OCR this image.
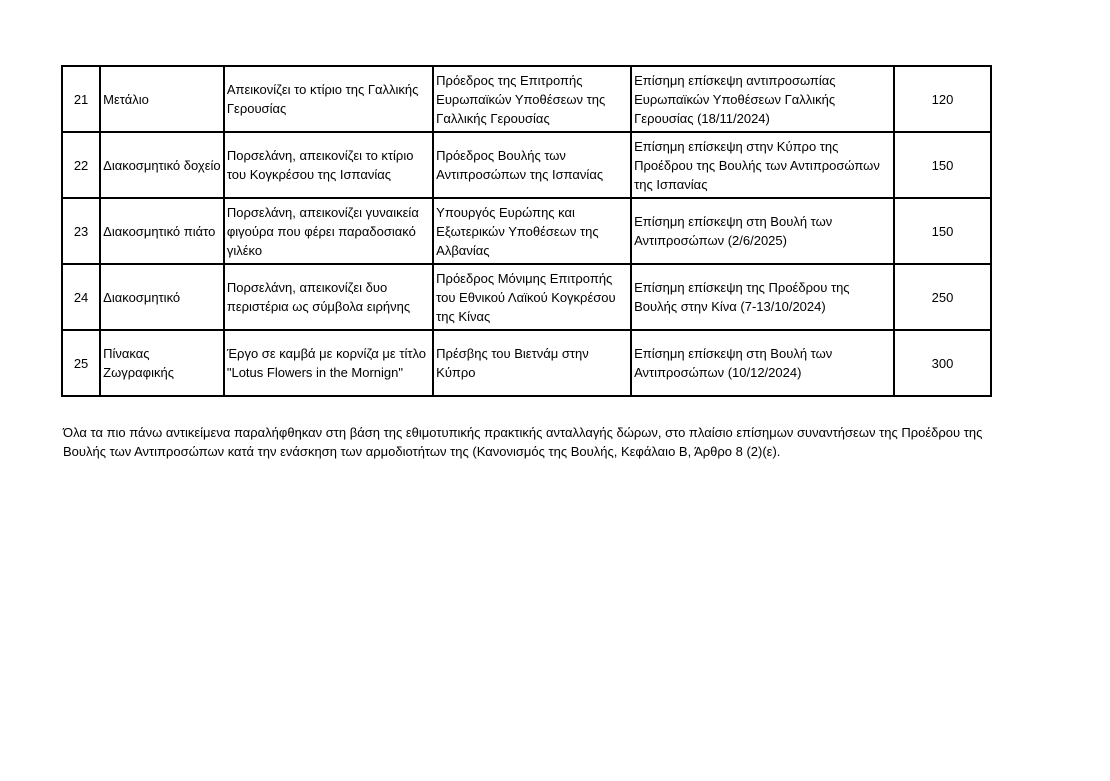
21	Μετάλιο	Απεικονίζει το κτίριο της Γαλλικής Γερουσίας	Πρόεδρος της Επιτροπής Ευρωπαϊκών Υποθέσεων της Γαλλικής Γερουσίας	Επίσημη επίσκεψη αντιπροσωπίας Ευρωπαϊκών Υποθέσεων Γαλλικής Γερουσίας (18/11/2024)	120
22	Διακοσμητικό δοχείο	Πορσελάνη, απεικονίζει το κτίριο του Κογκρέσου της Ισπανίας	Πρόεδρος Βουλής των Αντιπροσώπων της Ισπανίας	Επίσημη επίσκεψη στην Κύπρο της Προέδρου της Βουλής των Αντιπροσώπων της Ισπανίας	150
23	Διακοσμητικό πιάτο	Πορσελάνη, απεικονίζει γυναικεία φιγούρα που φέρει παραδοσιακό γιλέκο	Υπουργός Ευρώπης και Εξωτερικών Υποθέσεων της Αλβανίας	Επίσημη επίσκεψη στη Βουλή των Αντιπροσώπων (2/6/2025)	150
24	Διακοσμητικό	Πορσελάνη, απεικονίζει δυο περιστέρια ως σύμβολα ειρήνης	Πρόεδρος Μόνιμης Επιτροπής του Εθνικού Λαϊκού Κογκρέσου της Κίνας	Επίσημη επίσκεψη της Προέδρου της Βουλής στην Κίνα (7-13/10/2024)	250
25	Πίνακας Ζωγραφικής	Έργο σε καμβά με κορνίζα με τίτλο "Lotus Flowers in the Mornign"	Πρέσβης του Βιετνάμ στην Κύπρο	Επίσημη επίσκεψη στη Βουλή των Αντιπροσώπων (10/12/2024)	300

Όλα τα πιο πάνω αντικείμενα παραλήφθηκαν στη βάση της εθιμοτυπικής πρακτικής ανταλλαγής δώρων, στο πλαίσιο επίσημων συναντήσεων της Προέδρου της Βουλής των Αντιπροσώπων κατά την ενάσκηση των αρμοδιοτήτων της (Κανονισμός της Βουλής, Κεφάλαιο Β, Άρθρο 8 (2)(ε).
